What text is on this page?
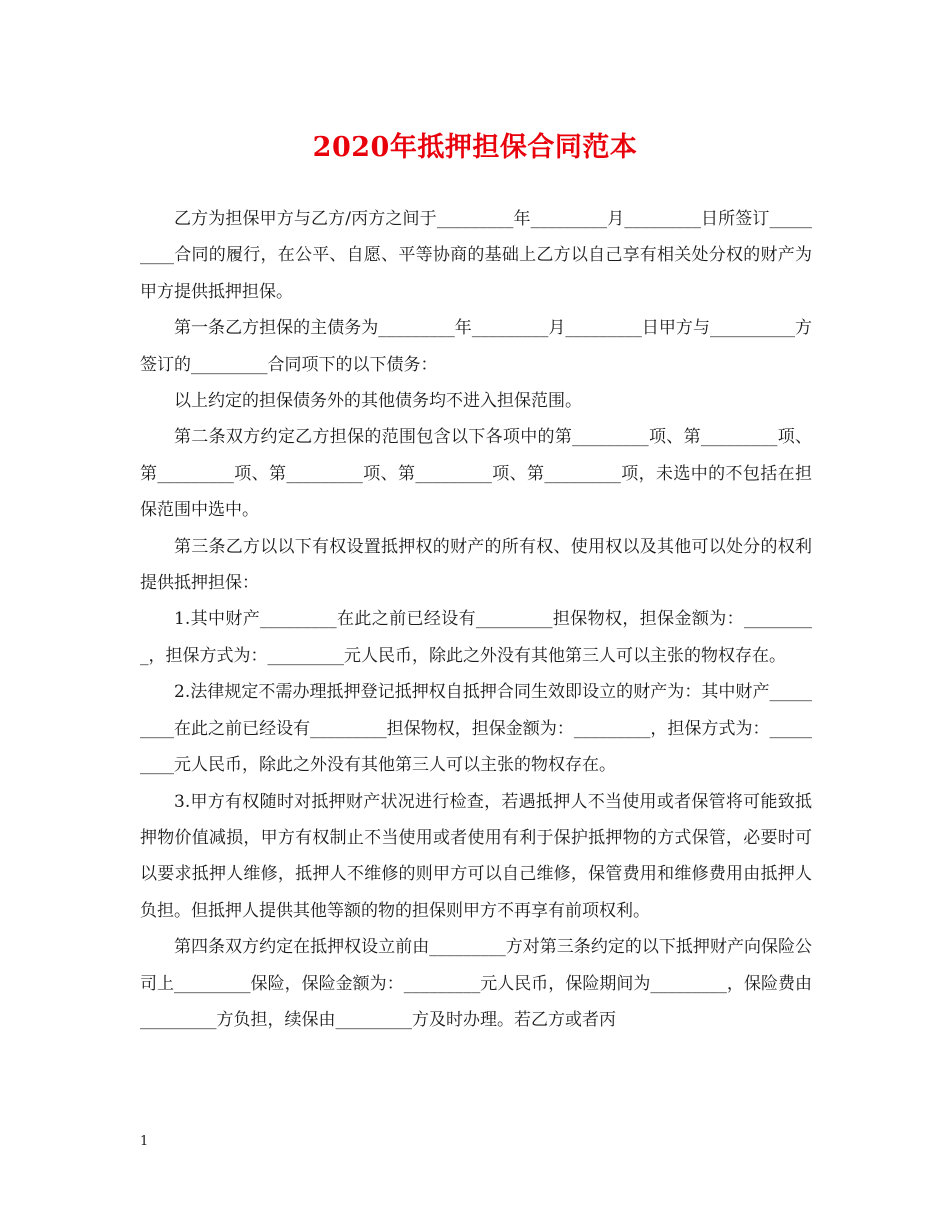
2020年抵押担保合同范本

乙方为担保甲方与乙方/丙方之间于_________年_________月_________日所签订_________合同的履行，在公平、自愿、平等协商的基础上乙方以自己享有相关处分权的财产为甲方提供抵押担保。

第一条乙方担保的主债务为_________年_________月_________日甲方与__________方签订的_________合同项下的以下债务：

以上约定的担保债务外的其他债务均不进入担保范围。

第二条双方约定乙方担保的范围包含以下各项中的第_________项、第_________项、第_________项、第_________项、第_________项、第_________项，未选中的不包括在担保范围中选中。

第三条乙方以以下有权设置抵押权的财产的所有权、使用权以及其他可以处分的权利提供抵押担保：

1.其中财产_________在此之前已经设有_________担保物权，担保金额为：_________，担保方式为：_________元人民币，除此之外没有其他第三人可以主张的物权存在。

2.法律规定不需办理抵押登记抵押权自抵押合同生效即设立的财产为：其中财产_________在此之前已经设有_________担保物权，担保金额为：_________，担保方式为：_________元人民币，除此之外没有其他第三人可以主张的物权存在。

3.甲方有权随时对抵押财产状况进行检查，若遇抵押人不当使用或者保管将可能致抵押物价值减损，甲方有权制止不当使用或者使用有利于保护抵押物的方式保管，必要时可以要求抵押人维修，抵押人不维修的则甲方可以自己维修，保管费用和维修费用由抵押人负担。但抵押人提供其他等额的物的担保则甲方不再享有前项权利。

第四条双方约定在抵押权设立前由_________方对第三条约定的以下抵押财产向保险公司上_________保险，保险金额为：_________元人民币，保险期间为_________，保险费由_________方负担，续保由_________方及时办理。若乙方或者丙

1
